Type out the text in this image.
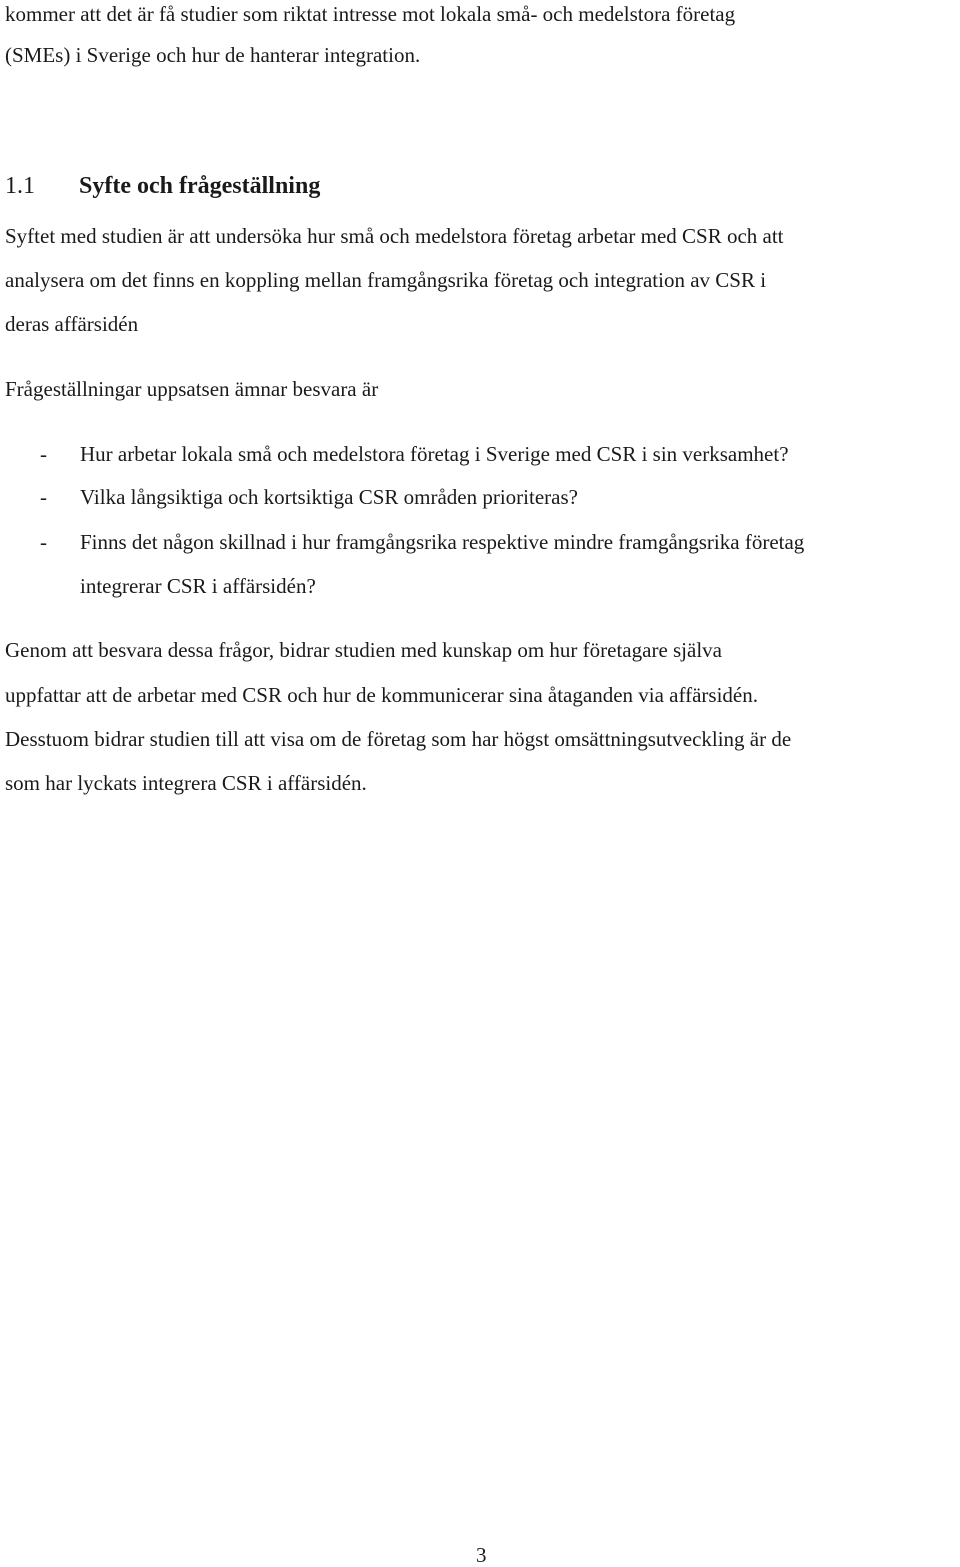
kommer att det är få studier som riktat intresse mot lokala små- och medelstora företag

(SMEs) i Sverige och hur de hanterar integration.

1.1 Syfte och frågeställning

Syftet med studien är att undersöka hur små och medelstora företag arbetar med CSR och att

analysera om det finns en koppling mellan framgångsrika företag och integration av CSR i

deras affärsidén

Frågeställningar uppsatsen ämnar besvara är

- Hur arbetar lokala små och medelstora företag i Sverige med CSR i sin verksamhet?
- Vilka långsiktiga och kortsiktiga CSR områden prioriteras?
- Finns det någon skillnad i hur framgångsrika respektive mindre framgångsrika företag
integrerar CSR i affärsidén?

Genom att besvara dessa frågor, bidrar studien med kunskap om hur företagare själva

uppfattar att de arbetar med CSR och hur de kommunicerar sina åtaganden via affärsidén.

Desstuom bidrar studien till att visa om de företag som har högst omsättningsutveckling är de

som har lyckats integrera CSR i affärsidén.

3
